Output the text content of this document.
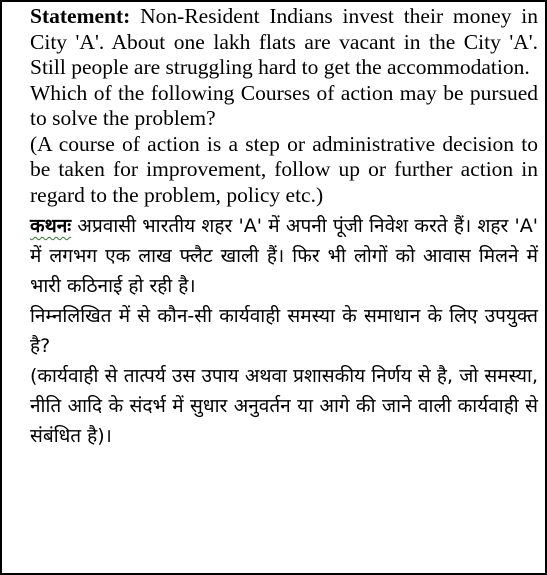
Statement: Non-Resident Indians invest their money in City 'A'. About one lakh flats are vacant in the City 'A'. Still people are struggling hard to get the accommodation.

Which of the following Courses of action may be pursued to solve the problem?

(A course of action is a step or administrative decision to be taken for improvement, follow up or further action in regard to the problem, policy etc.)

कथनः अप्रवासी भारतीय शहर 'A' में अपनी पूंजी निवेश करते हैं। शहर 'A' में लगभग एक लाख फ्लैट खाली हैं। फिर भी लोगों को आवास मिलने में भारी कठिनाई हो रही है।

निम्नलिखित में से कौन-सी कार्यवाही समस्या के समाधान के लिए उपयुक्त है?

(कार्यवाही से तात्पर्य उस उपाय अथवा प्रशासकीय निर्णय से है, जो समस्या, नीति आदि के संदर्भ में सुधार अनुवर्तन या आगे की जाने वाली कार्यवाही से संबंधित है)।
